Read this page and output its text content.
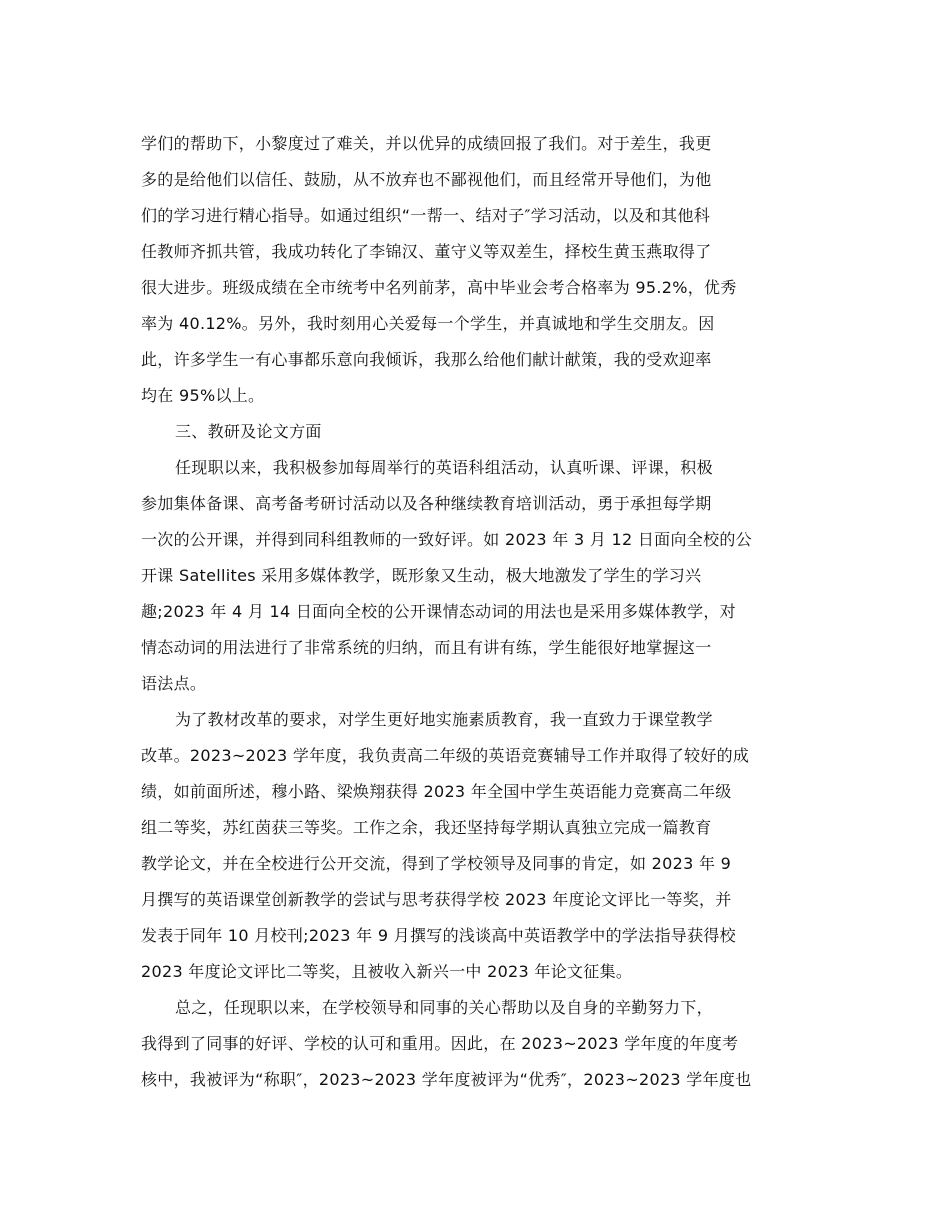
学们的帮助下，小黎度过了难关，并以优异的成绩回报了我们。对于差生，我更
多的是给他们以信任、鼓励，从不放弃也不鄙视他们，而且经常开导他们，为他
们的学习进行精心指导。如通过组织“一帮一、结对子″学习活动，以及和其他科
任教师齐抓共管，我成功转化了李锦汉、董守义等双差生，择校生黄玉燕取得了
很大进步。班级成绩在全市统考中名列前茅，高中毕业会考合格率为 95.2%，优秀
率为 40.12%。另外，我时刻用心关爱每一个学生，并真诚地和学生交朋友。因
此，许多学生一有心事都乐意向我倾诉，我那么给他们献计献策，我的受欢迎率
均在 95%以上。
三、教研及论文方面
任现职以来，我积极参加每周举行的英语科组活动，认真听课、评课，积极
参加集体备课、高考备考研讨活动以及各种继续教育培训活动，勇于承担每学期
一次的公开课，并得到同科组教师的一致好评。如 2023 年 3 月 12 日面向全校的公
开课 Satellites 采用多媒体教学，既形象又生动，极大地激发了学生的学习兴
趣;2023 年 4 月 14 日面向全校的公开课情态动词的用法也是采用多媒体教学，对
情态动词的用法进行了非常系统的归纳，而且有讲有练，学生能很好地掌握这一
语法点。
为了教材改革的要求，对学生更好地实施素质教育，我一直致力于课堂教学
改革。2023~2023 学年度，我负责高二年级的英语竞赛辅导工作并取得了较好的成
绩，如前面所述，穆小路、梁焕翔获得 2023 年全国中学生英语能力竞赛高二年级
组二等奖，苏红茵获三等奖。工作之余，我还坚持每学期认真独立完成一篇教育
教学论文，并在全校进行公开交流，得到了学校领导及同事的肯定，如 2023 年 9
月撰写的英语课堂创新教学的尝试与思考获得学校 2023 年度论文评比一等奖，并
发表于同年 10 月校刊;2023 年 9 月撰写的浅谈高中英语教学中的学法指导获得校
2023 年度论文评比二等奖，且被收入新兴一中 2023 年论文征集。
总之，任现职以来，在学校领导和同事的关心帮助以及自身的辛勤努力下，
我得到了同事的好评、学校的认可和重用。因此，在 2023~2023 学年度的年度考
核中，我被评为“称职″，2023~2023 学年度被评为“优秀″，2023~2023 学年度也
